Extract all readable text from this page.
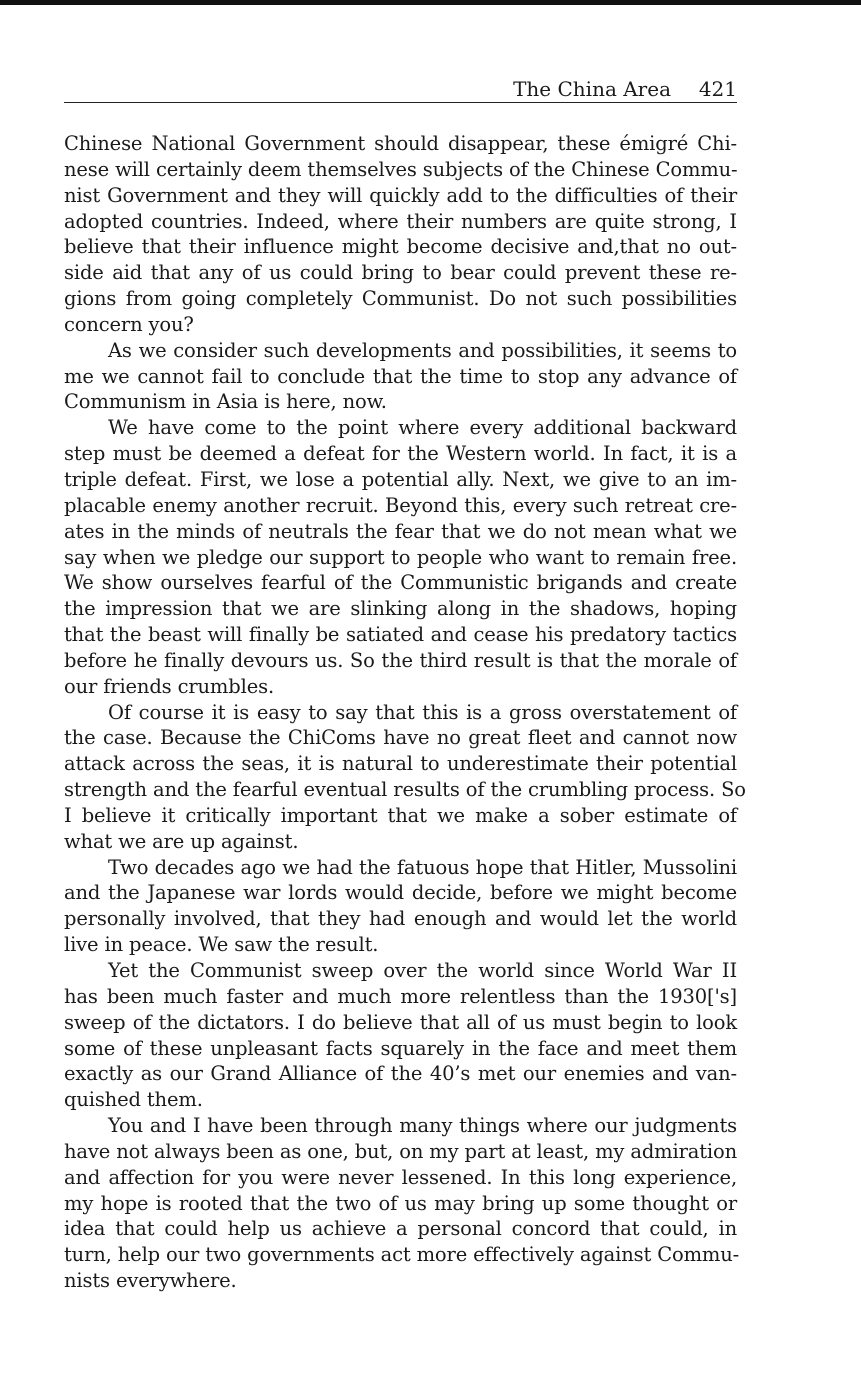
The China Area 421
Chinese National Government should disappear, these émigré Chi-
nese will certainly deem themselves subjects of the Chinese Commu-
nist Government and they will quickly add to the difficulties of their
adopted countries. Indeed, where their numbers are quite strong, I
believe that their influence might become decisive and,that no out-
side aid that any of us could bring to bear could prevent these re-
gions from going completely Communist. Do not such possibilities
concern you?
As we consider such developments and possibilities, it seems to
me we cannot fail to conclude that the time to stop any advance of
Communism in Asia is here, now.
We have come to the point where every additional backward
step must be deemed a defeat for the Western world. In fact, it is a
triple defeat. First, we lose a potential ally. Next, we give to an im-
placable enemy another recruit. Beyond this, every such retreat cre-
ates in the minds of neutrals the fear that we do not mean what we
say when we pledge our support to people who want to remain free.
We show ourselves fearful of the Communistic brigands and create
the impression that we are slinking along in the shadows, hoping
that the beast will finally be satiated and cease his predatory tactics
before he finally devours us. So the third result is that the morale of
our friends crumbles.
Of course it is easy to say that this is a gross overstatement of
the case. Because the ChiComs have no great fleet and cannot now
attack across the seas, it is natural to underestimate their potential
strength and the fearful eventual results of the crumbling process. So
I believe it critically important that we make a sober estimate of
what we are up against.
Two decades ago we had the fatuous hope that Hitler, Mussolini
and the Japanese war lords would decide, before we might become
personally involved, that they had enough and would let the world
live in peace. We saw the result.
Yet the Communist sweep over the world since World War II
has been much faster and much more relentless than the 1930['s]
sweep of the dictators. I do believe that all of us must begin to look
some of these unpleasant facts squarely in the face and meet them
exactly as our Grand Alliance of the 40’s met our enemies and van-
quished them.
You and I have been through many things where our judgments
have not always been as one, but, on my part at least, my admiration
and affection for you were never lessened. In this long experience,
my hope is rooted that the two of us may bring up some thought or
idea that could help us achieve a personal concord that could, in
turn, help our two governments act more effectively against Commu-
nists everywhere.
